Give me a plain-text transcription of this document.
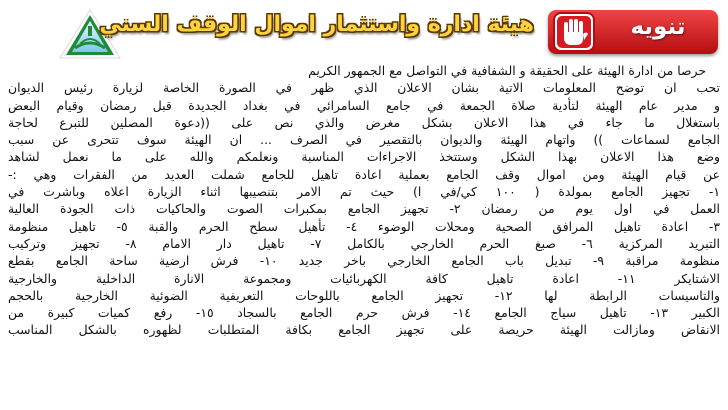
هيئة ادارة واستثمار اموال الوقف السني	تنويه
حرصا من ادارة الهيئة على الحقيقة و الشفافية في التواصل مع الجمهور الكريم
تحب ان توضح المعلومات الاتية بشان الاعلان الذي ظهر في الصورة الخاصة لزيارة رئيس الديوان
و مدير عام الهيئة لتأدية صلاة الجمعة في جامع السامرائي في بغداد الجديدة قبل رمضان وقيام البعض
باستغلال ما جاء في هذا الاعلان بشكل مغرض والذي نص على ((دعوة المصلين للتبرع لحاجة
الجامع لسماعات )) واتهام الهيئة والديوان بالتقصير في الصرف ... ان الهيئة سوف تتحرى عن سبب
وضع هذا الاعلان بهذا الشكل وستتخذ الاجراءات المناسبة ونعلمكم والله على ما نعمل لشاهد
عن قيام الهيئة ومن اموال وقف الجامع بعملية اعادة تاهيل للجامع شملت العديد من الفقرات وهي :-
١- تجهيز الجامع بمولدة ( ١٠٠ كي/في ا) حيث تم الامر بتنصيبها اثناء الزيارة اعلاه وباشرت في
العمل في اول يوم من رمضان ٢- تجهيز الجامع بمكبرات الصوت والحاكيات ذات الجودة العالية
٣- اعادة تاهيل المرافق الصحية ومحلات الوضوء ٤- تأهيل سطح الحرم والقبة ٥- تاهيل منظومة
التبريد المركزية ٦- صبغ الحرم الخارجي بالكامل ٧- تاهيل دار الامام ٨- تجهيز وتركيب
منظومة مراقبة ٩- تبديل باب الجامع الخارجي باخر جديد ١٠- فرش ارضية ساحة الجامع بقطع
الاشتايكر ١١- اعادة تاهيل كافة الكهربائيات ومجموعة الانارة الداخلية والخارجية
والتاسيسات الرابطة لها ١٢- تجهيز الجامع باللوحات التعريفية الضوئية الخارجية بالحجم
الكبير ١٣- تاهيل سياج الجامع ١٤- فرش حرم الجامع بالسجاد ١٥- رفع كميات كبيرة من
الانقاض ومازالت الهيئة حريصة على تجهيز الجامع بكافة المتطلبات لظهوره بالشكل المناسب
